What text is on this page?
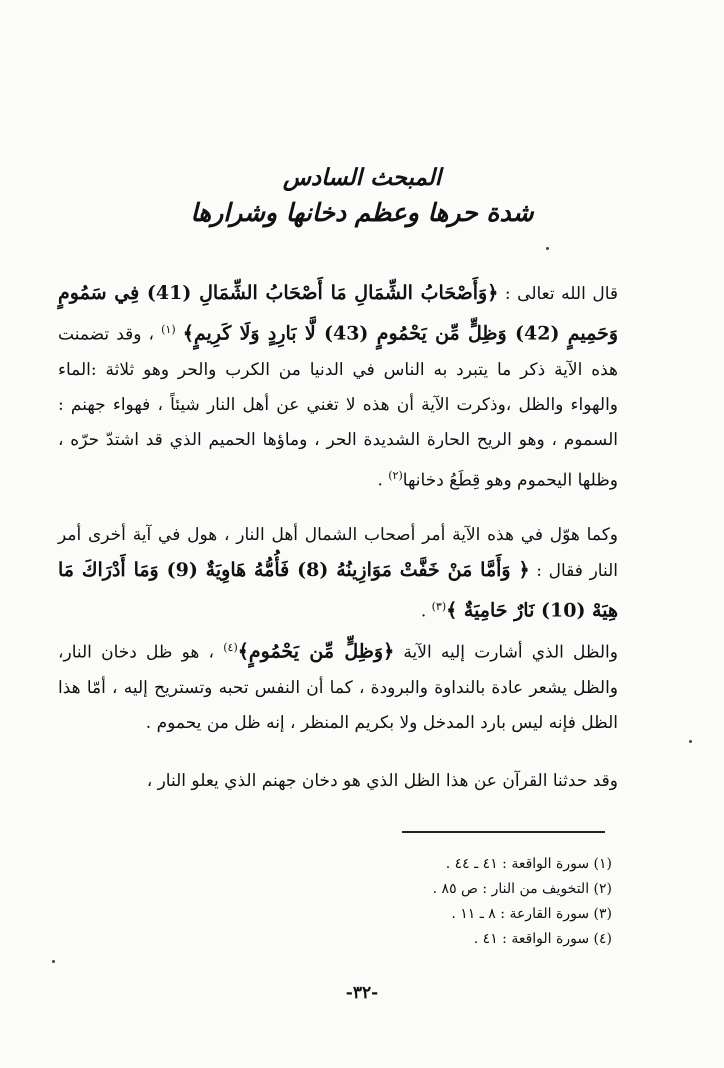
المبحث السادس
شدة حرها وعظم دخانها وشرارها
قال الله تعالى : ﴿وَأَصْحَابُ الشِّمَالِ مَا أَصْحَابُ الشِّمَالِ (41) فِي سَمُومٍ وَحَمِيمٍ (42) وَظِلٍّ مِّن يَحْمُومٍ (43) لَّا بَارِدٍ وَلَا كَرِيمٍ﴾ $^{(١)}$ ، وقد تضمنت هذه الآية ذكر ما يتبرد به الناس في الدنيا من الكرب والحر وهو ثلاثة :الماء والهواء والظل ،وذكرت الآية أن هذه لا تغني عن أهل النار شيئاً ، فهواء جهنم : السموم ، وهو الريح الحارة الشديدة الحر ، وماؤها الحميم الذي قد اشتدّ حرّه ، وظلها اليحموم وهو قِطَعُ دخانها$^{(٢)}$ .
وكما هوّل في هذه الآية أمر أصحاب الشمال أهل النار ، هول في آية أخرى أمر النار فقال : ﴿ وَأَمَّا مَنْ خَفَّتْ مَوَازِينُهُ (8) فَأُمُّهُ هَاوِيَةٌ (9) وَمَا أَدْرَاكَ مَا هِيَهْ (10) نَارٌ حَامِيَةٌ ﴾$^{(٣)}$ .
والظل الذي أشارت إليه الآية ﴿وَظِلٍّ مِّن يَحْمُومٍ﴾$^{(٤)}$ ، هو ظل دخان النار، والظل يشعر عادة بالنداوة والبرودة ، كما أن النفس تحبه وتستريح إليه ، أمّا هذا الظل فإنه ليس بارد المدخل ولا بكريم المنظر ، إنه ظل من يحموم .
وقد حدثنا القرآن عن هذا الظل الذي هو دخان جهنم الذي يعلو النار ،
(١) سورة الواقعة : ٤١ ـ ٤٤ .
(٢) التخويف من النار : ص ٨٥ .
(٣) سورة القارعة : ٨ ـ ١١ .
(٤) سورة الواقعة : ٤١ .
-٣٢-
